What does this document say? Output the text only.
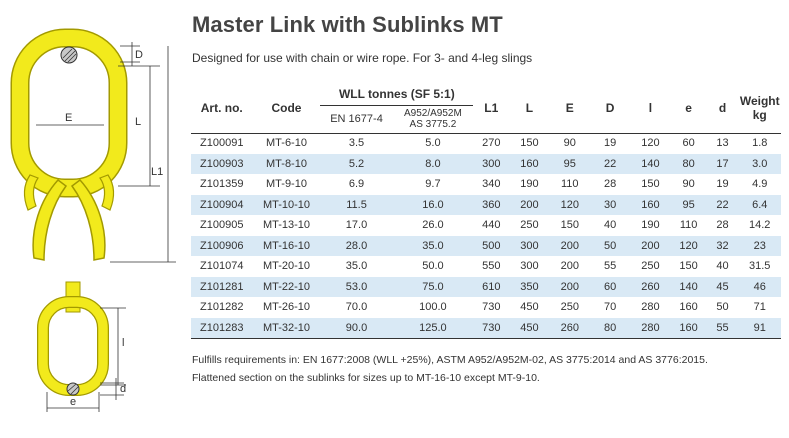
D
E	L
L1
l
d
e
Master Link with Sublinks MT
Designed for use with chain or wire rope. For 3- and 4-leg slings
Art. no.	Code	WLL tonnes (SF 5:1)		L1	L	E	D	l	e	d	Weight
kg
		EN 1677-4	A952/A952M
AS 3775.2								
Z100091	MT-6-10	3.5	5.0	270	150	90	19	120	60	13	1.8
Z100903	MT-8-10	5.2	8.0	300	160	95	22	140	80	17	3.0
Z101359	MT-9-10	6.9	9.7	340	190	110	28	150	90	19	4.9
Z100904	MT-10-10	11.5	16.0	360	200	120	30	160	95	22	6.4
Z100905	MT-13-10	17.0	26.0	440	250	150	40	190	110	28	14.2
Z100906	MT-16-10	28.0	35.0	500	300	200	50	200	120	32	23
Z101074	MT-20-10	35.0	50.0	550	300	200	55	250	150	40	31.5
Z101281	MT-22-10	53.0	75.0	610	350	200	60	260	140	45	46
Z101282	MT-26-10	70.0	100.0	730	450	250	70	280	160	50	71
Z101283	MT-32-10	90.0	125.0	730	450	260	80	280	160	55	91
Fulfills requirements in: EN 1677:2008 (WLL +25%), ASTM A952/A952M-02, AS 3775:2014 and AS 3776:2015.
Flattened section on the sublinks for sizes up to MT-16-10 except MT-9-10.
